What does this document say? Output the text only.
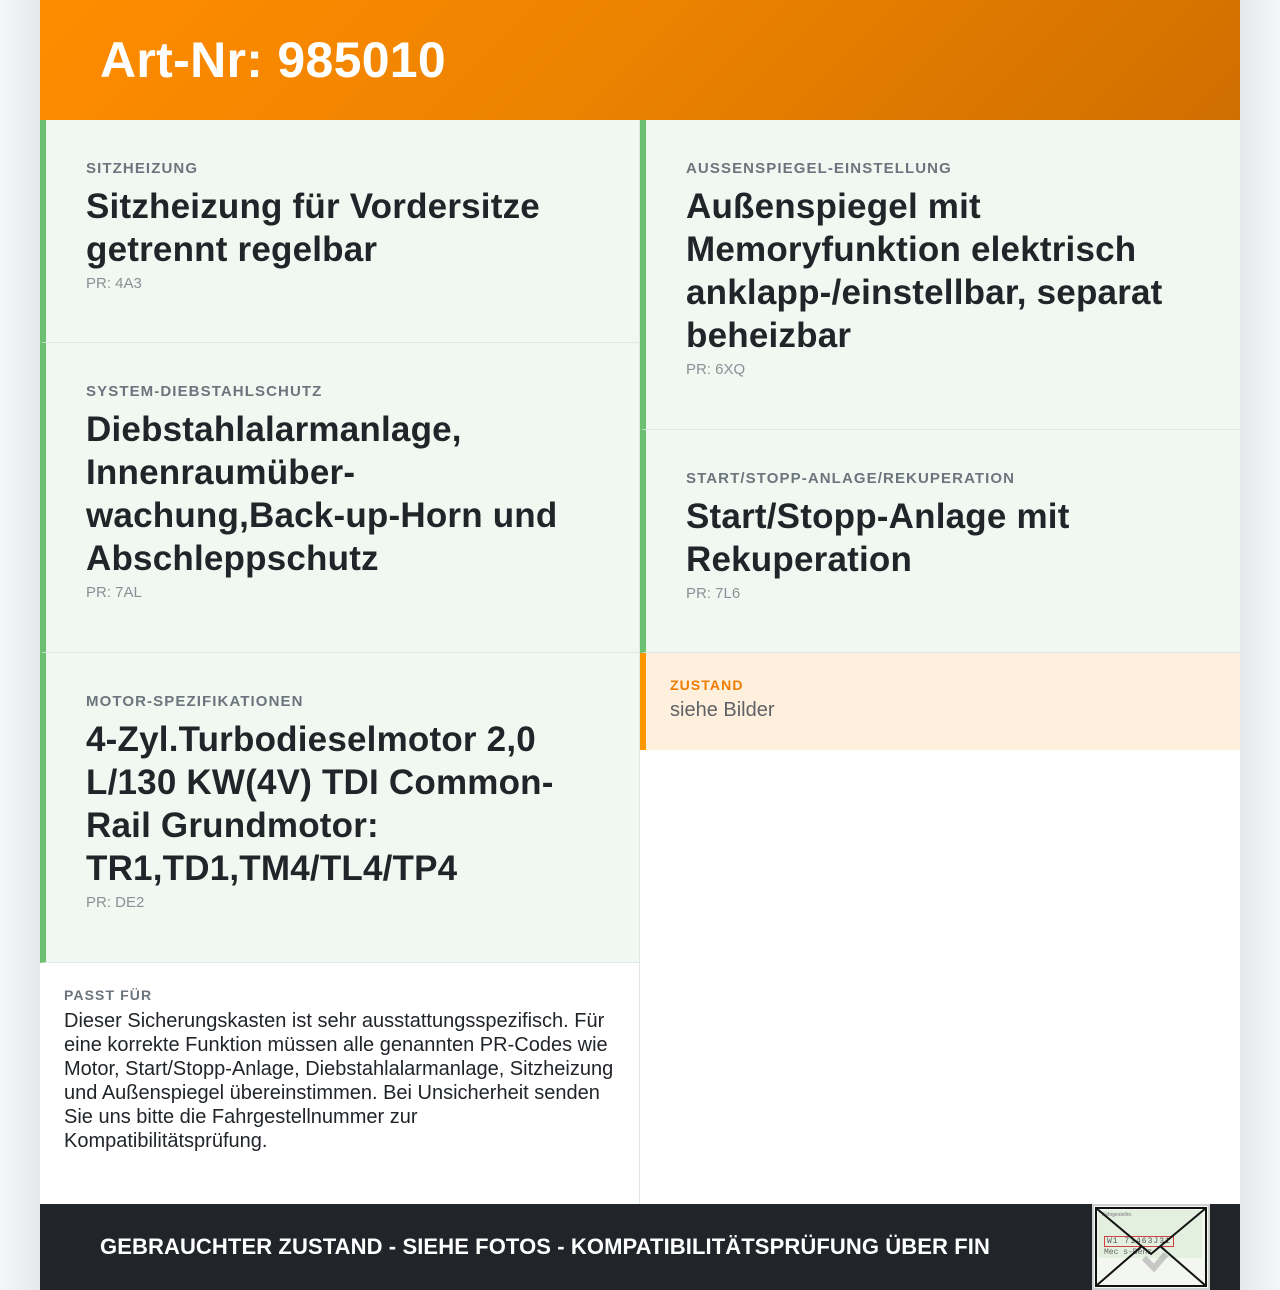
Art-Nr: 985010
SITZHEIZUNG
Sitzheizung für Vordersitze getrennt regelbar
PR: 4A3
SYSTEM-DIEBSTAHLSCHUTZ
Diebstahlalarmanlage, Innenraumüber-wachung,Back-up-Horn und Abschleppschutz
PR: 7AL
MOTOR-SPEZIFIKATIONEN
4-Zyl.Turbodieselmotor 2,0 L/130 KW(4V) TDI Common-Rail Grundmotor: TR1,TD1,TM4/TL4/TP4
PR: DE2
PASST FÜR
Dieser Sicherungskasten ist sehr ausstattungsspezifisch. Für eine korrekte Funktion müssen alle genannten PR-Codes wie Motor, Start/Stopp-Anlage, Diebstahlalarmanlage, Sitzheizung und Außenspiegel übereinstimmen. Bei Unsicherheit senden Sie uns bitte die Fahrgestellnummer zur Kompatibilitätsprüfung.
AUSSENSPIEGEL-EINSTELLUNG
Außenspiegel mit Memoryfunktion elektrisch anklapp-/einstellbar, separat beheizbar
PR: 6XQ
START/STOPP-ANLAGE/REKUPERATION
Start/Stopp-Anlage mit Rekuperation
PR: 7L6
ZUSTAND
siehe Bilder
GEBRAUCHTER ZUSTAND - SIEHE FOTOS - KOMPATIBILITÄTSPRÜFUNG ÜBER FIN
Fahrgestellnr.
W1 71463J31
Mec s-Benz
